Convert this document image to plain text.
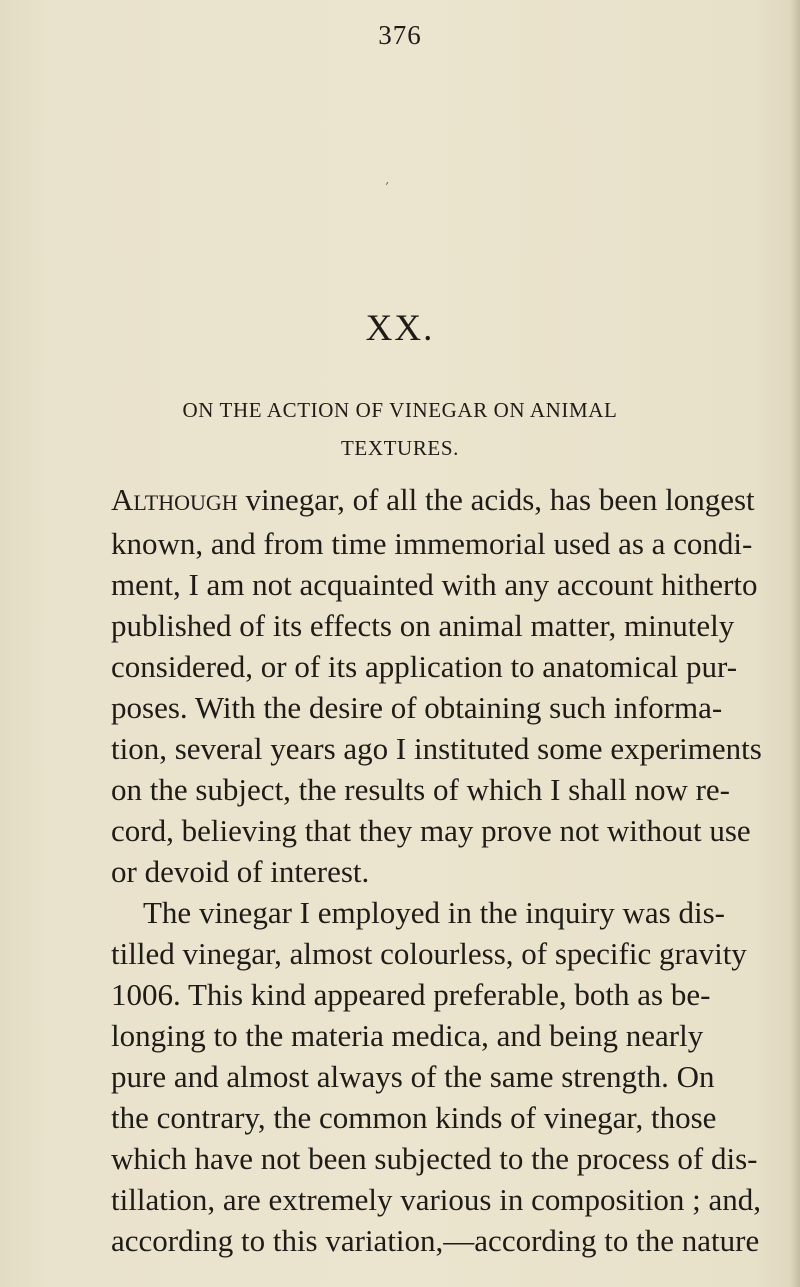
376
′
XX.
ON THE ACTION OF VINEGAR ON ANIMAL
TEXTURES.
Although vinegar, of all the acids, has been longest
known, and from time immemorial used as a condi-
ment, I am not acquainted with any account hitherto
published of its effects on animal matter, minutely
considered, or of its application to anatomical pur-
poses. With the desire of obtaining such informa-
tion, several years ago I instituted some experiments
on the subject, the results of which I shall now re-
cord, believing that they may prove not without use
or devoid of interest.
The vinegar I employed in the inquiry was dis-
tilled vinegar, almost colourless, of specific gravity
1006. This kind appeared preferable, both as be-
longing to the materia medica, and being nearly
pure and almost always of the same strength. On
the contrary, the common kinds of vinegar, those
which have not been subjected to the process of dis-
tillation, are extremely various in composition ; and,
according to this variation,—according to the nature
